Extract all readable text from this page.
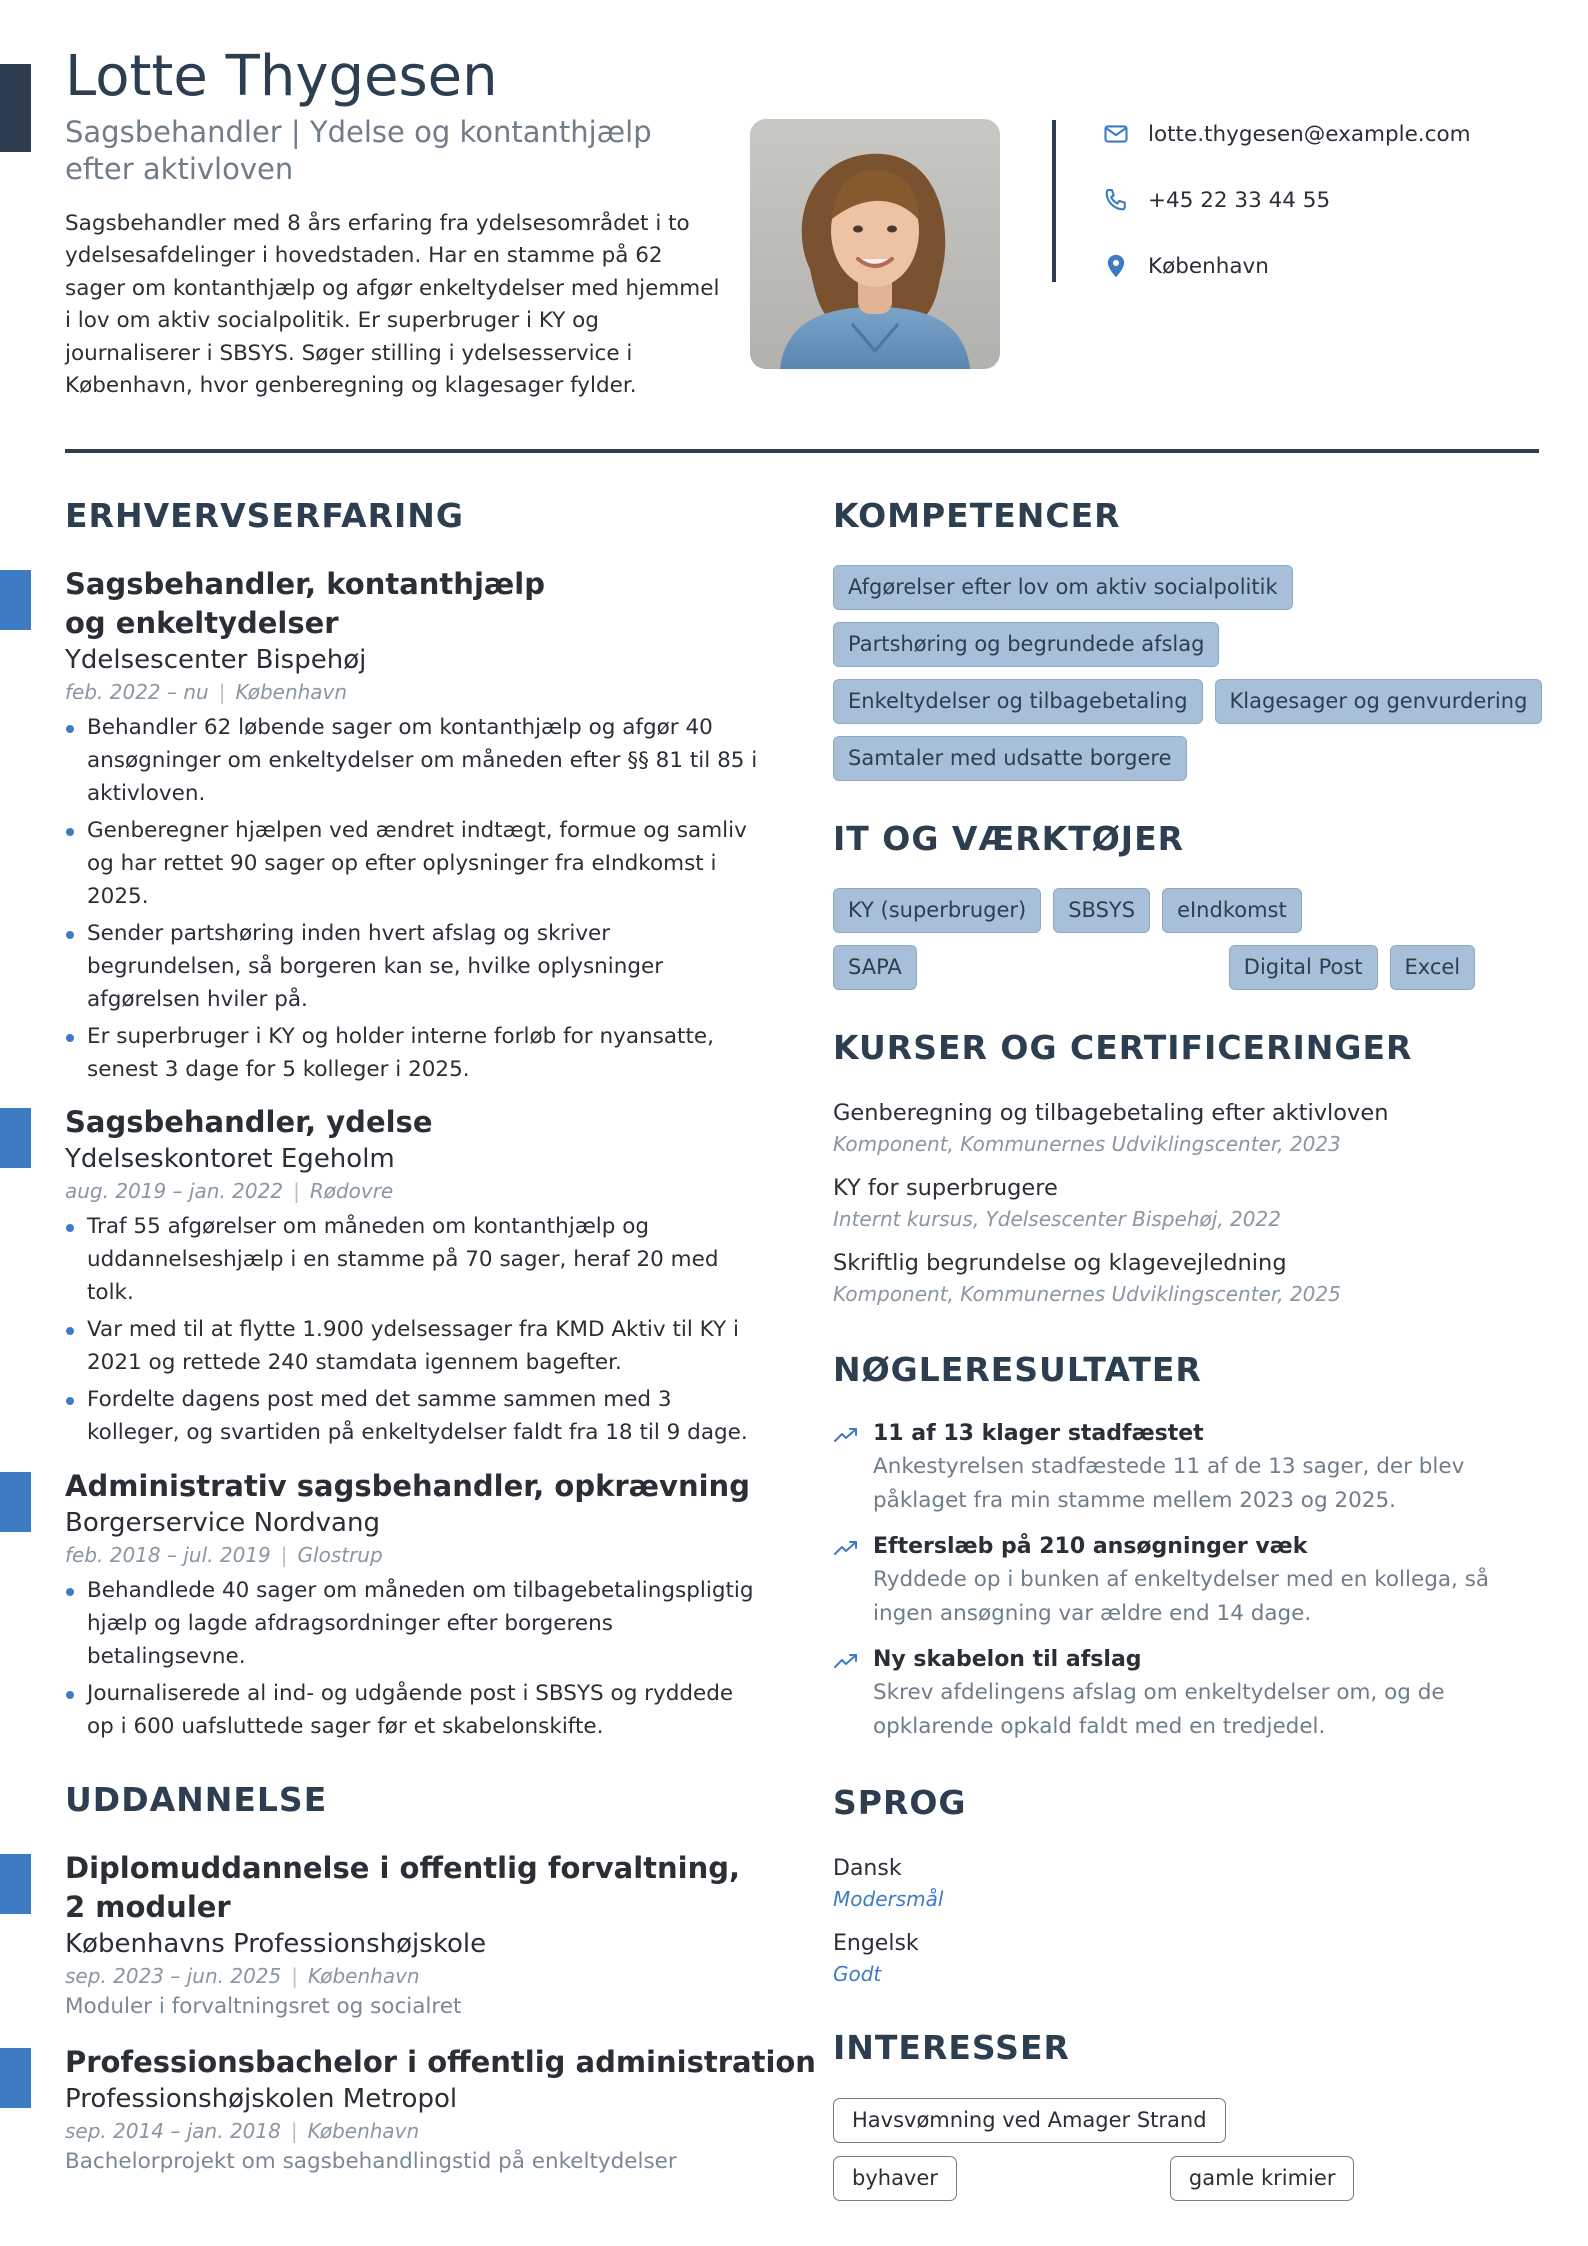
Lotte Thygesen
Sagsbehandler | Ydelse og kontanthjælp efter aktivloven

Sagsbehandler med 8 års erfaring fra ydelsesområdet i to ydelsesafdelinger i hovedstaden. Har en stamme på 62 sager om kontanthjælp og afgør enkeltydelser med hjemmel i lov om aktiv socialpolitik. Er superbruger i KY og journaliserer i SBSYS. Søger stilling i ydelsesservice i København, hvor genberegning og klagesager fylder.

lotte.thygesen@example.com
+45 22 33 44 55
København
ERHVERVSERFARING
Sagsbehandler, kontanthjælp og enkeltydelser
Ydelsescenter Bispehøj
feb. 2022 – nu | København
Behandler 62 løbende sager om kontanthjælp og afgør 40 ansøgninger om enkeltydelser om måneden efter §§ 81 til 85 i aktivloven.
Genberegner hjælpen ved ændret indtægt, formue og samliv og har rettet 90 sager op efter oplysninger fra eIndkomst i 2025.
Sender partshøring inden hvert afslag og skriver begrundelsen, så borgeren kan se, hvilke oplysninger afgørelsen hviler på.
Er superbruger i KY og holder interne forløb for nyansatte, senest 3 dage for 5 kolleger i 2025.
Sagsbehandler, ydelse
Ydelseskontoret Egeholm
aug. 2019 – jan. 2022 | Rødovre
Traf 55 afgørelser om måneden om kontanthjælp og uddannelseshjælp i en stamme på 70 sager, heraf 20 med tolk.
Var med til at flytte 1.900 ydelsessager fra KMD Aktiv til KY i 2021 og rettede 240 stamdata igennem bagefter.
Fordelte dagens post med det samme sammen med 3 kolleger, og svartiden på enkeltydelser faldt fra 18 til 9 dage.
Administrativ sagsbehandler, opkrævning
Borgerservice Nordvang
feb. 2018 – jul. 2019 | Glostrup
Behandlede 40 sager om måneden om tilbagebetalingspligtig hjælp og lagde afdragsordninger efter borgerens betalingsevne.
Journaliserede al ind- og udgående post i SBSYS og ryddede op i 600 uafsluttede sager før et skabelonskifte.
UDDANNELSE
Diplomuddannelse i offentlig forvaltning, 2 moduler
Københavns Professionshøjskole
sep. 2023 – jun. 2025 | København
Moduler i forvaltningsret og socialret
Professionsbachelor i offentlig administration
Professionshøjskolen Metropol
sep. 2014 – jan. 2018 | København
Bachelorprojekt om sagsbehandlingstid på enkeltydelser
KOMPETENCER
Afgørelser efter lov om aktiv socialpolitik
Partshøring og begrundede afslag
Enkeltydelser og tilbagebetaling	Klagesager og genvurdering
Samtaler med udsatte borgere
IT OG VÆRKTØJER
KY (superbruger)	SBSYS	eIndkomst
SAPA	Digital Post	Excel
KURSER OG CERTIFICERINGER
Genberegning og tilbagebetaling efter aktivloven
Komponent, Kommunernes Udviklingscenter, 2023
KY for superbrugere
Internt kursus, Ydelsescenter Bispehøj, 2022
Skriftlig begrundelse og klagevejledning
Komponent, Kommunernes Udviklingscenter, 2025
NØGLERESULTATER
11 af 13 klager stadfæstet
Ankestyrelsen stadfæstede 11 af de 13 sager, der blev påklaget fra min stamme mellem 2023 og 2025.
Efterslæb på 210 ansøgninger væk
Ryddede op i bunken af enkeltydelser med en kollega, så ingen ansøgning var ældre end 14 dage.
Ny skabelon til afslag
Skrev afdelingens afslag om enkeltydelser om, og de opklarende opkald faldt med en tredjedel.
SPROG
Dansk
Modersmål
Engelsk
Godt
INTERESSER
Havsvømning ved Amager Strand
byhaver	gamle krimier
